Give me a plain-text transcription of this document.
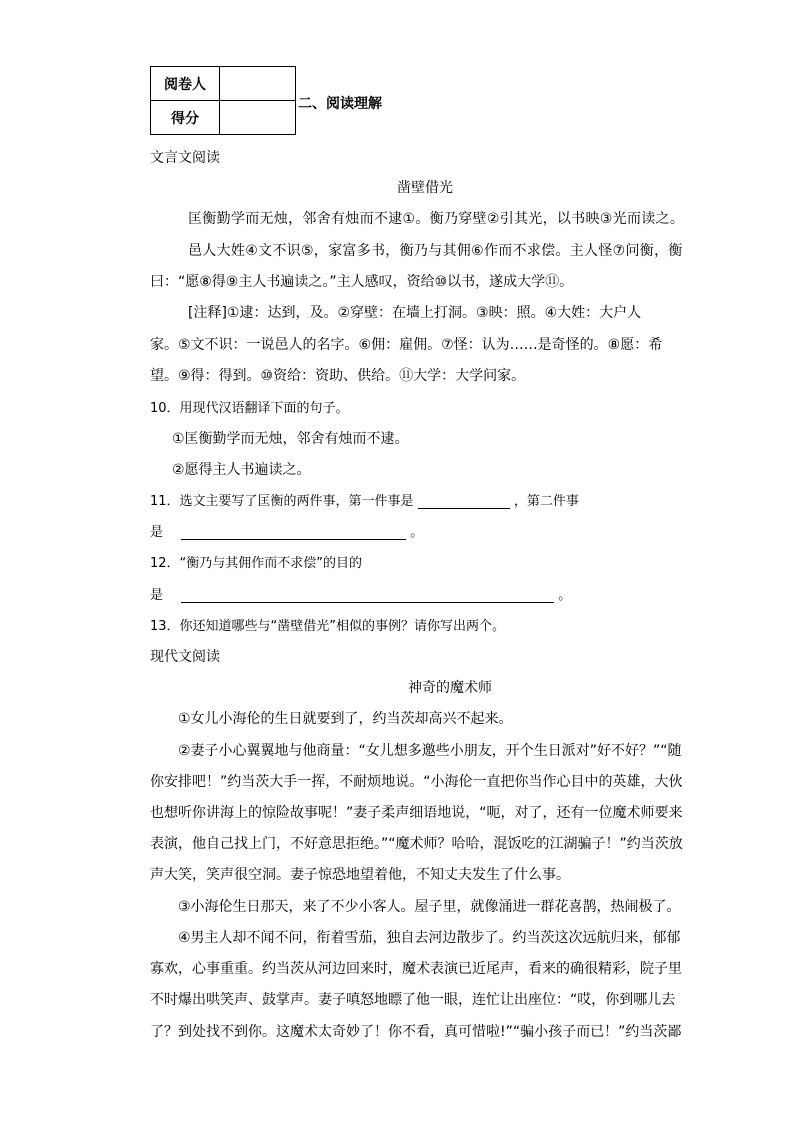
阅卷人	
得分	
二、阅读理解
文言文阅读
凿壁借光
匡衡勤学而无烛，邻舍有烛而不逮①。衡乃穿壁②引其光，以书映③光而读之。
邑人大姓④文不识⑤，家富多书，衡乃与其佣⑥作而不求偿。主人怪⑦问衡，衡
曰：“愿⑧得⑨主人书遍读之。”主人感叹，资给⑩以书，遂成大学⑪。
[注释]①逮：达到，及。②穿壁：在墙上打洞。③映：照。④大姓：大户人
家。⑤文不识：一说邑人的名字。⑥佣：雇佣。⑦怪：认为……是奇怪的。⑧愿：希
望。⑨得：得到。⑩资给：资助、供给。⑪大学：大学问家。
10．用现代汉语翻译下面的句子。
①匡衡勤学而无烛，邻舍有烛而不逮。
②愿得主人书遍读之。
11．选文主要写了匡衡的两件事，第一件事是	，第二件事
是	。
12．“衡乃与其佣作而不求偿”的目的
是	。
13．你还知道哪些与“凿壁借光”相似的事例？请你写出两个。
现代文阅读
神奇的魔术师
①女儿小海伦的生日就要到了，约当茨却高兴不起来。
②妻子小心翼翼地与他商量：“女儿想多邀些小朋友，开个生日派对”好不好？”“随
你安排吧！”约当茨大手一挥，不耐烦地说。“小海伦一直把你当作心目中的英雄，大伙
也想听你讲海上的惊险故事呢！”妻子柔声细语地说，“呃，对了，还有一位魔术师要来
表演，他自己找上门，不好意思拒绝。”“魔术师？哈哈，混饭吃的江湖骗子！”约当茨放
声大笑，笑声很空洞。妻子惊恐地望着他，不知丈夫发生了什么事。
③小海伦生日那天，来了不少小客人。屋子里，就像涌进一群花喜鹊，热闹极了。
④男主人却不闻不问，衔着雪茄，独自去河边散步了。约当茨这次远航归来，郁郁
寡欢，心事重重。约当茨从河边回来时，魔术表演已近尾声，看来的确很精彩，院子里
不时爆出哄笑声、鼓掌声。妻子嗔怒地瞟了他一眼，连忙让出座位：“哎，你到哪儿去
了？到处找不到你。这魔术太奇妙了！你不看，真可惜啦!”“骗小孩子而已！”约当茨鄙
